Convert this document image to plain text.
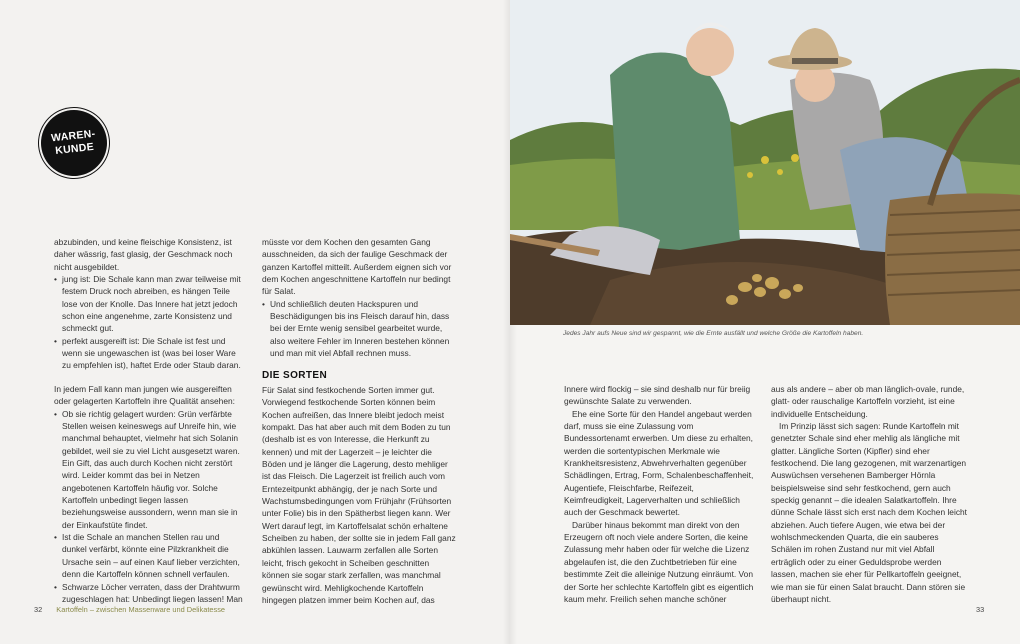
WAREN-
KUNDE

abzubinden, und keine fleischige Konsistenz, ist daher wässrig, fast glasig, der Geschmack noch nicht ausgebildet.

• jung ist: Die Schale kann man zwar teilweise mit festem Druck noch abreiben, es hängen Teile lose von der Knolle. Das Innere hat jetzt jedoch schon eine angenehme, zarte Konsistenz und schmeckt gut.
• perfekt ausgereift ist: Die Schale ist fest und wenn sie ungewaschen ist (was bei loser Ware zu empfehlen ist), haftet Erde oder Staub daran.

müsste vor dem Kochen den gesamten Gang ausschneiden, da sich der faulige Geschmack der ganzen Kartoffel mitteilt. Außerdem eignen sich vor dem Kochen angeschnittene Kartoffeln nur bedingt für Salat.

• Und schließlich deuten Hackspuren und Beschädigungen bis ins Fleisch darauf hin, dass bei der Ernte wenig sensibel gearbeitet wurde, also weitere Fehler im Inneren bestehen können und man mit viel Abfall rechnen muss.

In jedem Fall kann man jungen wie ausgereiften oder gelagerten Kartoffeln ihre Qualität ansehen:

• Ob sie richtig gelagert wurden: Grün verfärbte Stellen weisen keineswegs auf Unreife hin, wie manchmal behauptet, vielmehr hat sich Solanin gebildet, weil sie zu viel Licht ausgesetzt waren. Ein Gift, das auch durch Kochen nicht zerstört wird. Leider kommt das bei in Netzen angebotenen Kartoffeln häufig vor. Solche Kartoffeln unbedingt liegen lassen beziehungsweise aussondern, wenn man sie in der Einkaufstüte findet.
• Ist die Schale an manchen Stellen rau und dunkel verfärbt, könnte eine Pilzkrankheit die Ursache sein – auf einen Kauf lieber verzichten, denn die Kartoffeln können schnell verfaulen.
• Schwarze Löcher verraten, dass der Drahtwurm zugeschlagen hat: Unbedingt liegen lassen! Man
DIE SORTEN

Für Salat sind festkochende Sorten immer gut. Vorwiegend festkochende Sorten können beim Kochen aufreißen, das Innere bleibt jedoch meist kompakt. Das hat aber auch mit dem Boden zu tun (deshalb ist es von Interesse, die Herkunft zu kennen) und mit der Lagerzeit – je leichter die Böden und je länger die Lagerung, desto mehliger ist das Fleisch. Die Lagerzeit ist freilich auch vom Erntezeitpunkt abhängig, der je nach Sorte und Wachstumsbedingungen vom Frühjahr (Frühsorten unter Folie) bis in den Spätherbst liegen kann. Wer Wert darauf legt, im Kartoffelsalat schön erhaltene Scheiben zu haben, der sollte sie in jedem Fall ganz abkühlen lassen. Lauwarm zerfallen alle Sorten leicht, frisch gekocht in Scheiben geschnitten können sie sogar stark zerfallen, was manchmal gewünscht wird. Mehligkochende Kartoffeln hingegen platzen immer beim Kochen auf, das

Jedes Jahr aufs Neue sind wir gespannt, wie die Ernte ausfällt und welche Größe die Kartoffeln haben.

Innere wird flockig – sie sind deshalb nur für breiig gewünschte Salate zu verwenden.

Ehe eine Sorte für den Handel angebaut werden darf, muss sie eine Zulassung vom Bundessortenamt erwerben. Um diese zu erhalten, werden die sortentypischen Merkmale wie Krankheitsresistenz, Abwehrverhalten gegenüber Schädlingen, Ertrag, Form, Schalenbeschaffenheit, Augentiefe, Fleischfarbe, Reifezeit, Keimfreudigkeit, Lagerverhalten und schließlich auch der Geschmack bewertet.

Darüber hinaus bekommt man direkt von den Erzeugern oft noch viele andere Sorten, die keine Zulassung mehr haben oder für welche die Lizenz abgelaufen ist, die den Zuchtbetrieben für eine bestimmte Zeit die alleinige Nutzung einräumt. Von der Sorte her schlechte Kartoffeln gibt es eigentlich kaum mehr. Freilich sehen manche schöner

aus als andere – aber ob man länglich-ovale, runde, glatt- oder rauschalige Kartoffeln vorzieht, ist eine individuelle Entscheidung.

Im Prinzip lässt sich sagen: Runde Kartoffeln mit genetzter Schale sind eher mehlig als längliche mit glatter. Längliche Sorten (Kipfler) sind eher festkochend. Die lang gezogenen, mit warzenartigen Auswüchsen versehenen Bamberger Hörnla beispielsweise sind sehr festkochend, gern auch speckig genannt – die idealen Salatkartoffeln. Ihre dünne Schale lässt sich erst nach dem Kochen leicht abziehen. Auch tiefere Augen, wie etwa bei der wohlschmeckenden Quarta, die ein sauberes Schälen im rohen Zustand nur mit viel Abfall erträglich oder zu einer Geduldsprobe werden lassen, machen sie eher für Pellkartoffeln geeignet, wie man sie für einen Salat braucht. Dann stören sie überhaupt nicht.

32 Kartoffeln – zwischen Massenware und Delikatesse	33
